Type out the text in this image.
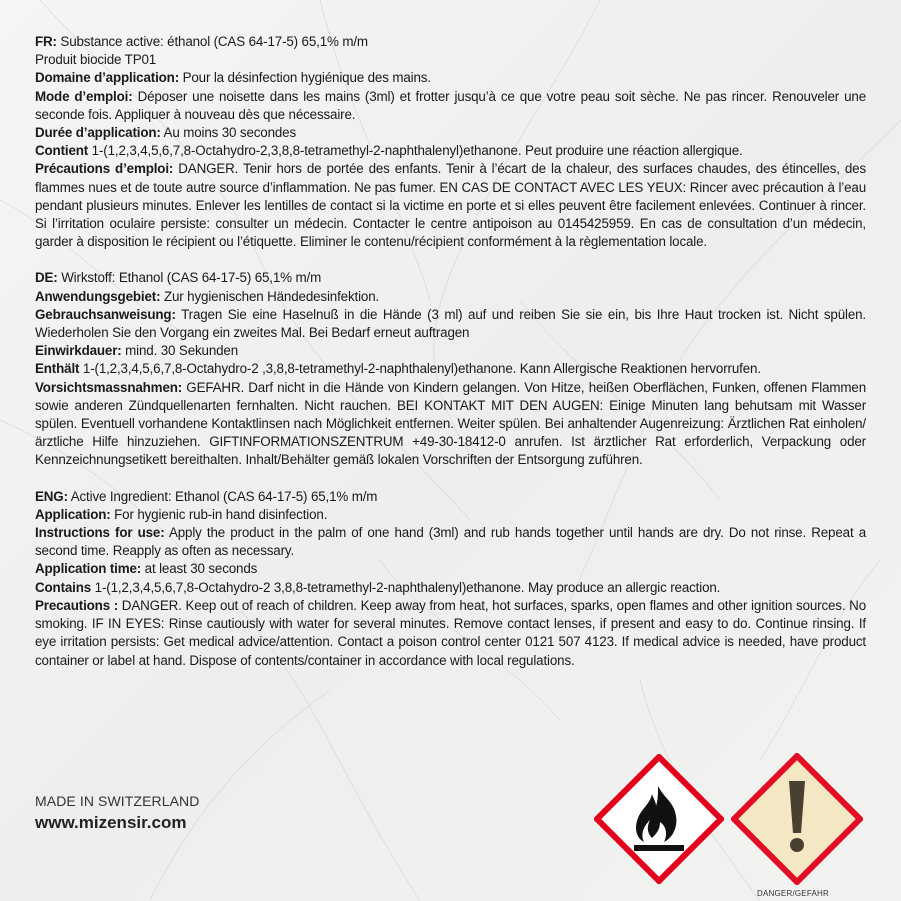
FR: Substance active: éthanol (CAS 64-17-5) 65,1% m/m
Produit biocide TP01
Domaine d’application: Pour la désinfection hygiénique des mains.
Mode d’emploi: Déposer une noisette dans les mains (3ml) et frotter jusqu’à ce que votre peau soit sèche. Ne pas rincer. Renouveler une seconde fois. Appliquer à nouveau dès que nécessaire.
Durée d’application: Au moins 30 secondes
Contient 1-(1,2,3,4,5,6,7,8-Octahydro-2,3,8,8-tetramethyl-2-naphthalenyl)ethanone. Peut produire une réaction allergique.
Précautions d’emploi: DANGER. Tenir hors de portée des enfants. Tenir à l’écart de la chaleur, des surfaces chaudes, des étincelles, des flammes nues et de toute autre source d’inflammation. Ne pas fumer. EN CAS DE CONTACT AVEC LES YEUX: Rincer avec précaution à l’eau pendant plusieurs minutes. Enlever les lentilles de contact si la victime en porte et si elles peuvent être facilement enlevées. Continuer à rincer. Si l’irritation oculaire persiste: consulter un médecin. Contacter le centre antipoison au 0145425959. En cas de consultation d’un médecin, garder à disposition le récipient ou l’étiquette. Eliminer le contenu/récipient conformément à la règlementation locale.
DE: Wirkstoff: Ethanol (CAS 64-17-5) 65,1% m/m
Anwendungsgebiet: Zur hygienischen Händedesinfektion.
Gebrauchsanweisung: Tragen Sie eine Haselnuß in die Hände (3 ml) auf und reiben Sie sie ein, bis Ihre Haut trocken ist. Nicht spülen. Wiederholen Sie den Vorgang ein zweites Mal. Bei Bedarf erneut auftragen
Einwirkdauer: mind. 30 Sekunden
Enthält 1-(1,2,3,4,5,6,7,8-Octahydro-2 ,3,8,8-tetramethyl-2-naphthalenyl)ethanone. Kann Allergische Reaktionen hervorrufen.
Vorsichtsmassnahmen: GEFAHR. Darf nicht in die Hände von Kindern gelangen. Von Hitze, heißen Oberflächen, Funken, offenen Flammen sowie anderen Zündquellenarten fernhalten. Nicht rauchen. BEI KONTAKT MIT DEN AUGEN: Einige Minuten lang behutsam mit Wasser spülen. Eventuell vorhandene Kontaktlinsen nach Möglichkeit entfernen. Weiter spülen. Bei anhaltender Augenreizung: Ärztlichen Rat einholen/ärztliche Hilfe hinzuziehen. GIFTINFORMATIONSZENTRUM +49-30-18412-0 anrufen. Ist ärztlicher Rat erforderlich, Verpackung oder Kennzeichnungsetikett bereithalten. Inhalt/Behälter gemäß lokalen Vorschriften der Entsorgung zuführen.
ENG: Active Ingredient: Ethanol (CAS 64-17-5) 65,1% m/m
Application: For hygienic rub-in hand disinfection.
Instructions for use: Apply the product in the palm of one hand (3ml) and rub hands together until hands are dry. Do not rinse. Repeat a second time. Reapply as often as necessary.
Application time: at least 30 seconds
Contains 1-(1,2,3,4,5,6,7,8-Octahydro-2 3,8,8-tetramethyl-2-naphthalenyl)ethanone. May produce an allergic reaction.
Precautions : DANGER. Keep out of reach of children. Keep away from heat, hot surfaces, sparks, open flames and other ignition sources. No smoking. IF IN EYES: Rinse cautiously with water for several minutes. Remove contact lenses, if present and easy to do. Continue rinsing. If eye irritation persists: Get medical advice/attention. Contact a poison control center 0121 507 4123. If medical advice is needed, have product container or label at hand. Dispose of contents/container in accordance with local regulations.
MADE IN SWITZERLAND
www.mizensir.com
DANGER/GEFAHR
